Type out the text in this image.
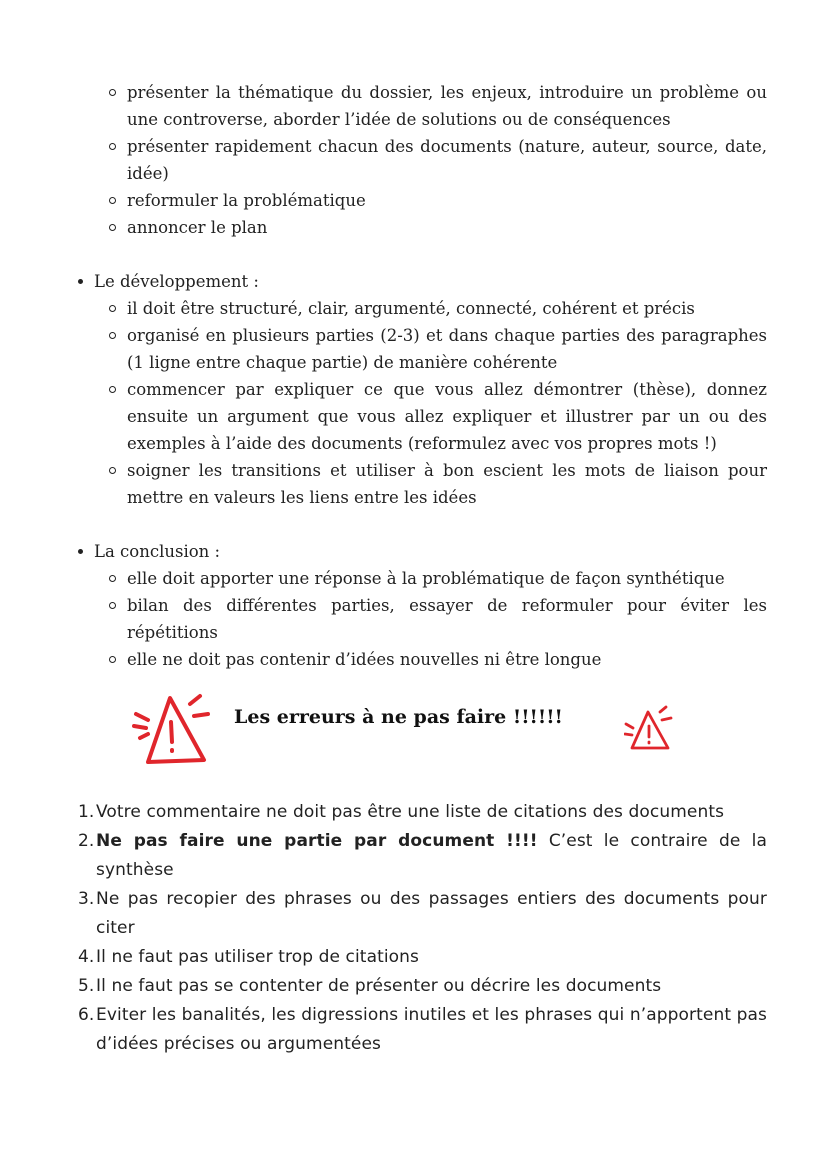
présenter la thématique du dossier, les enjeux, introduire un problème ou une controverse, aborder l’idée de solutions ou de conséquences
présenter rapidement chacun des documents (nature, auteur, source, date, idée)
reformuler la problématique
annoncer le plan
Le développement :
il doit être structuré, clair, argumenté, connecté, cohérent et précis
organisé en plusieurs parties (2-3) et dans chaque parties des paragraphes (1 ligne entre chaque partie) de manière cohérente
commencer par expliquer ce que vous allez démontrer (thèse), donnez ensuite un argument que vous allez expliquer et illustrer par un ou des exemples à l’aide des documents (reformulez avec vos propres mots !)
soigner les transitions et utiliser à bon escient les mots de liaison pour mettre en valeurs les liens entre les idées
La conclusion :
elle doit apporter une réponse à la problématique de façon synthétique
bilan des différentes parties, essayer de reformuler pour éviter les répétitions
elle ne doit pas contenir d’idées nouvelles ni être longue
Les erreurs à ne pas faire !!!!!!
1. Votre commentaire ne doit pas être une liste de citations des documents
2. Ne pas faire une partie par document !!!! C’est le contraire de la synthèse
3. Ne pas recopier des phrases ou des passages entiers des documents pour citer
4. Il ne faut pas utiliser trop de citations
5. Il ne faut pas se contenter de présenter ou décrire les documents
6. Eviter les banalités, les digressions inutiles et les phrases qui n’apportent pas d’idées précises ou argumentées
